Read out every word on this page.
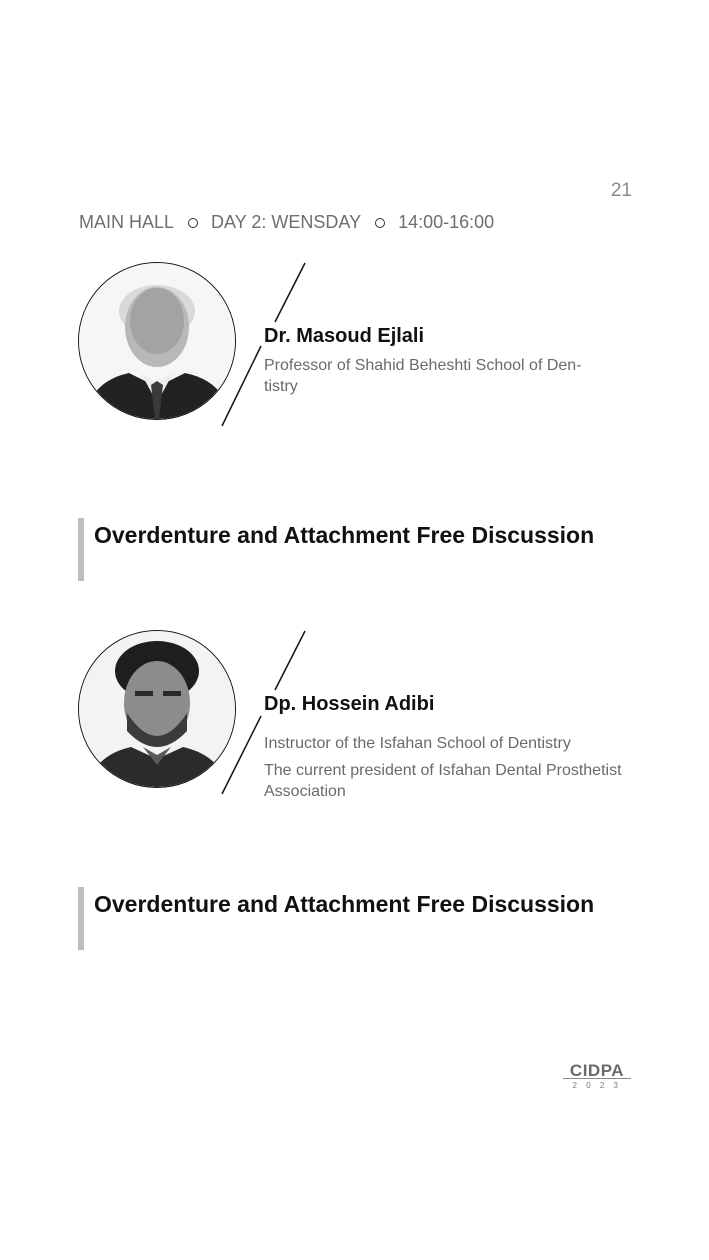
21
MAIN HALL DAY 2: WENSDAY 14:00-16:00
Dr. Masoud Ejlali
Professor of Shahid Beheshti School of Den-
tistry
Overdenture and Attachment Free Discussion
Dp. Hossein Adibi
Instructor of the Isfahan School of Dentistry
The current president of Isfahan Dental Prosthetist Association
Overdenture and Attachment Free Discussion
CIDPA
2 0 2 3
